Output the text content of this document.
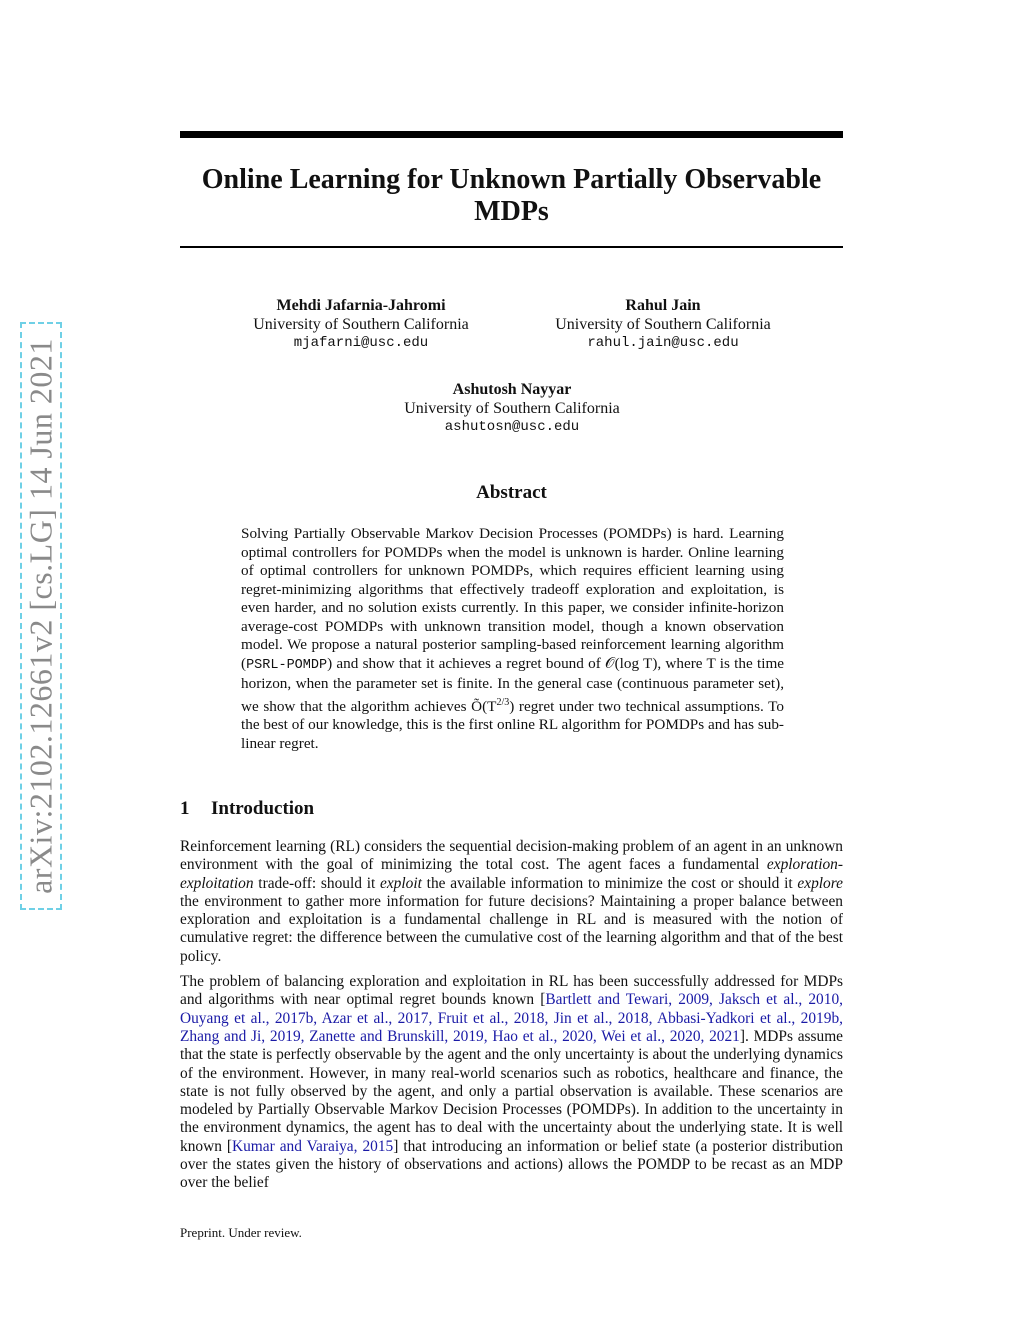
arXiv:2102.12661v2 [cs.LG] 14 Jun 2021
Online Learning for Unknown Partially Observable MDPs
Mehdi Jafarnia-Jahromi
University of Southern California
mjafarni@usc.edu
Rahul Jain
University of Southern California
rahul.jain@usc.edu
Ashutosh Nayyar
University of Southern California
ashutosn@usc.edu
Abstract

Solving Partially Observable Markov Decision Processes (POMDPs) is hard. Learning optimal controllers for POMDPs when the model is unknown is harder. Online learning of optimal controllers for unknown POMDPs, which requires efficient learning using regret-minimizing algorithms that effectively tradeoff exploration and exploitation, is even harder, and no solution exists currently. In this paper, we consider infinite-horizon average-cost POMDPs with unknown transition model, though a known observation model. We propose a natural posterior sampling-based reinforcement learning algorithm (PSRL-POMDP) and show that it achieves a regret bound of 𝒪(log T), where T is the time horizon, when the parameter set is finite. In the general case (continuous parameter set), we show that the algorithm achieves $Õ(T^{2/3})$ regret under two technical assumptions. To the best of our knowledge, this is the first online RL algorithm for POMDPs and has sub-linear regret.

1 Introduction

Reinforcement learning (RL) considers the sequential decision-making problem of an agent in an unknown environment with the goal of minimizing the total cost. The agent faces a fundamental exploration-exploitation trade-off: should it exploit the available information to minimize the cost or should it explore the environment to gather more information for future decisions? Maintaining a proper balance between exploration and exploitation is a fundamental challenge in RL and is measured with the notion of cumulative regret: the difference between the cumulative cost of the learning algorithm and that of the best policy.

The problem of balancing exploration and exploitation in RL has been successfully addressed for MDPs and algorithms with near optimal regret bounds known [Bartlett and Tewari, 2009, Jaksch et al., 2010, Ouyang et al., 2017b, Azar et al., 2017, Fruit et al., 2018, Jin et al., 2018, Abbasi-Yadkori et al., 2019b, Zhang and Ji, 2019, Zanette and Brunskill, 2019, Hao et al., 2020, Wei et al., 2020, 2021]. MDPs assume that the state is perfectly observable by the agent and the only uncertainty is about the underlying dynamics of the environment. However, in many real-world scenarios such as robotics, healthcare and finance, the state is not fully observed by the agent, and only a partial observation is available. These scenarios are modeled by Partially Observable Markov Decision Processes (POMDPs). In addition to the uncertainty in the environment dynamics, the agent has to deal with the uncertainty about the underlying state. It is well known [Kumar and Varaiya, 2015] that introducing an information or belief state (a posterior distribution over the states given the history of observations and actions) allows the POMDP to be recast as an MDP over the belief

Preprint. Under review.
